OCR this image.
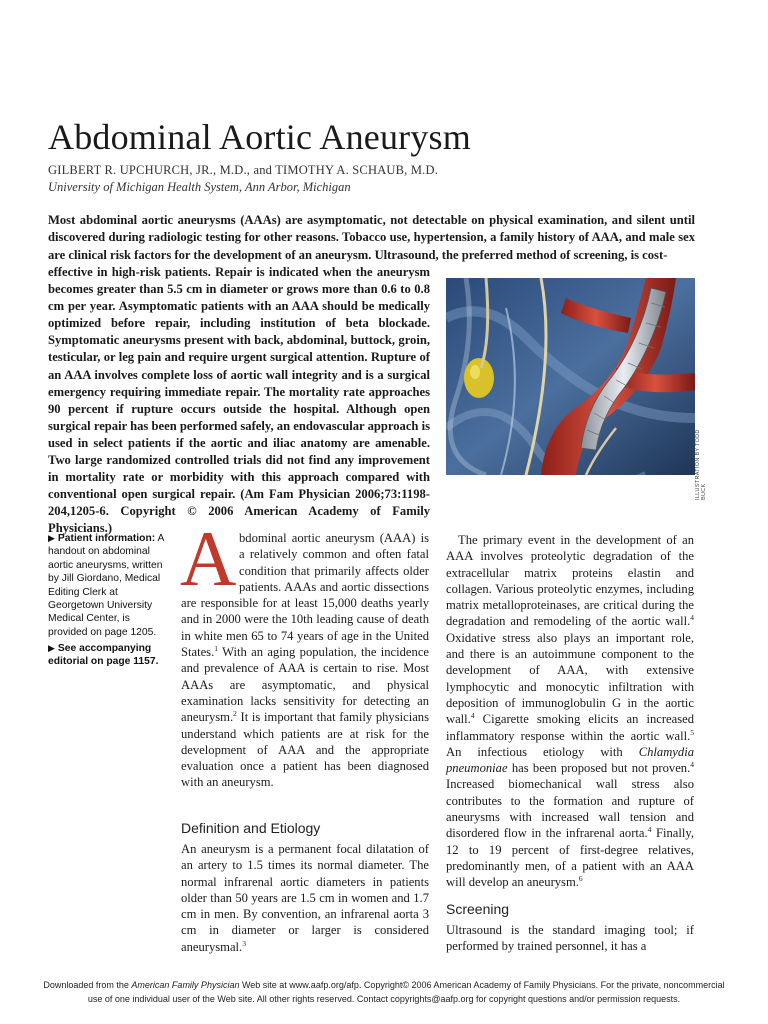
Abdominal Aortic Aneurysm
GILBERT R. UPCHURCH, JR., M.D., and TIMOTHY A. SCHAUB, M.D.
University of Michigan Health System, Ann Arbor, Michigan

Most abdominal aortic aneurysms (AAAs) are asymptomatic, not detectable on physical examination, and silent until discovered during radiologic testing for other reasons. Tobacco use, hypertension, a family history of AAA, and male sex are clinical risk factors for the development of an aneurysm. Ultrasound, the preferred method of screening, is cost-

effective in high-risk patients. Repair is indicated when the aneurysm becomes greater than 5.5 cm in diameter or grows more than 0.6 to 0.8 cm per year. Asymptomatic patients with an AAA should be medically optimized before repair, including institution of beta blockade. Symptomatic aneurysms present with back, abdominal, buttock, groin, testicular, or leg pain and require urgent surgical attention. Rupture of an AAA involves complete loss of aortic wall integrity and is a surgical emergency requiring immediate repair. The mortality rate approaches 90 percent if rupture occurs outside the hospital. Although open surgical repair has been performed safely, an endovascular approach is used in select patients if the aortic and iliac anatomy are amenable. Two large randomized controlled trials did not find any improvement in mortality rate or morbidity with this approach compared with conventional open surgical repair. (Am Fam Physician 2006;73:1198-204,1205-6. Copyright © 2006 American Academy of Family Physicians.)

ILLUSTRATION BY TODD BUCK
▶ Patient information: A handout on abdominal aortic aneurysms, written by Jill Giordano, Medical Editing Clerk at Georgetown University Medical Center, is provided on page 1205.
▶ See accompanying editorial on page 1157.
A bdominal aortic aneurysm (AAA) is a relatively common and often fatal condition that primarily affects older patients. AAAs and aortic dissections are responsible for at least 15,000 deaths yearly and in 2000 were the 10th leading cause of death in white men 65 to 74 years of age in the United States.$^1$ With an aging population, the incidence and prevalence of AAA is certain to rise. Most AAAs are asymptomatic, and physical examination lacks sensitivity for detecting an aneurysm.$^2$ It is important that family physicians understand which patients are at risk for the development of AAA and the appropriate evaluation once a patient has been diagnosed with an aneurysm.

Definition and Etiology

An aneurysm is a permanent focal dilatation of an artery to 1.5 times its normal diameter. The normal infrarenal aortic diameters in patients older than 50 years are 1.5 cm in women and 1.7 cm in men. By convention, an infrarenal aorta 3 cm in diameter or larger is considered aneurysmal.$^3$

The primary event in the development of an AAA involves proteolytic degradation of the extracellular matrix proteins elastin and collagen. Various proteolytic enzymes, including matrix metalloproteinases, are critical during the degradation and remodeling of the aortic wall.$^4$ Oxidative stress also plays an important role, and there is an autoimmune component to the development of AAA, with extensive lymphocytic and monocytic infiltration with deposition of immunoglobulin G in the aortic wall.$^4$ Cigarette smoking elicits an increased inflammatory response within the aortic wall.$^5$ An infectious etiology with Chlamydia pneumoniae has been proposed but not proven.$^4$ Increased biomechanical wall stress also contributes to the formation and rupture of aneurysms with increased wall tension and disordered flow in the infrarenal aorta.$^4$ Finally, 12 to 19 percent of first-degree relatives, predominantly men, of a patient with an AAA will develop an aneurysm.$^6$

Screening

Ultrasound is the standard imaging tool; if performed by trained personnel, it has a

Downloaded from the American Family Physician Web site at www.aafp.org/afp. Copyright© 2006 American Academy of Family Physicians. For the private, noncommercial
use of one individual user of the Web site. All other rights reserved. Contact copyrights@aafp.org for copyright questions and/or permission requests.
